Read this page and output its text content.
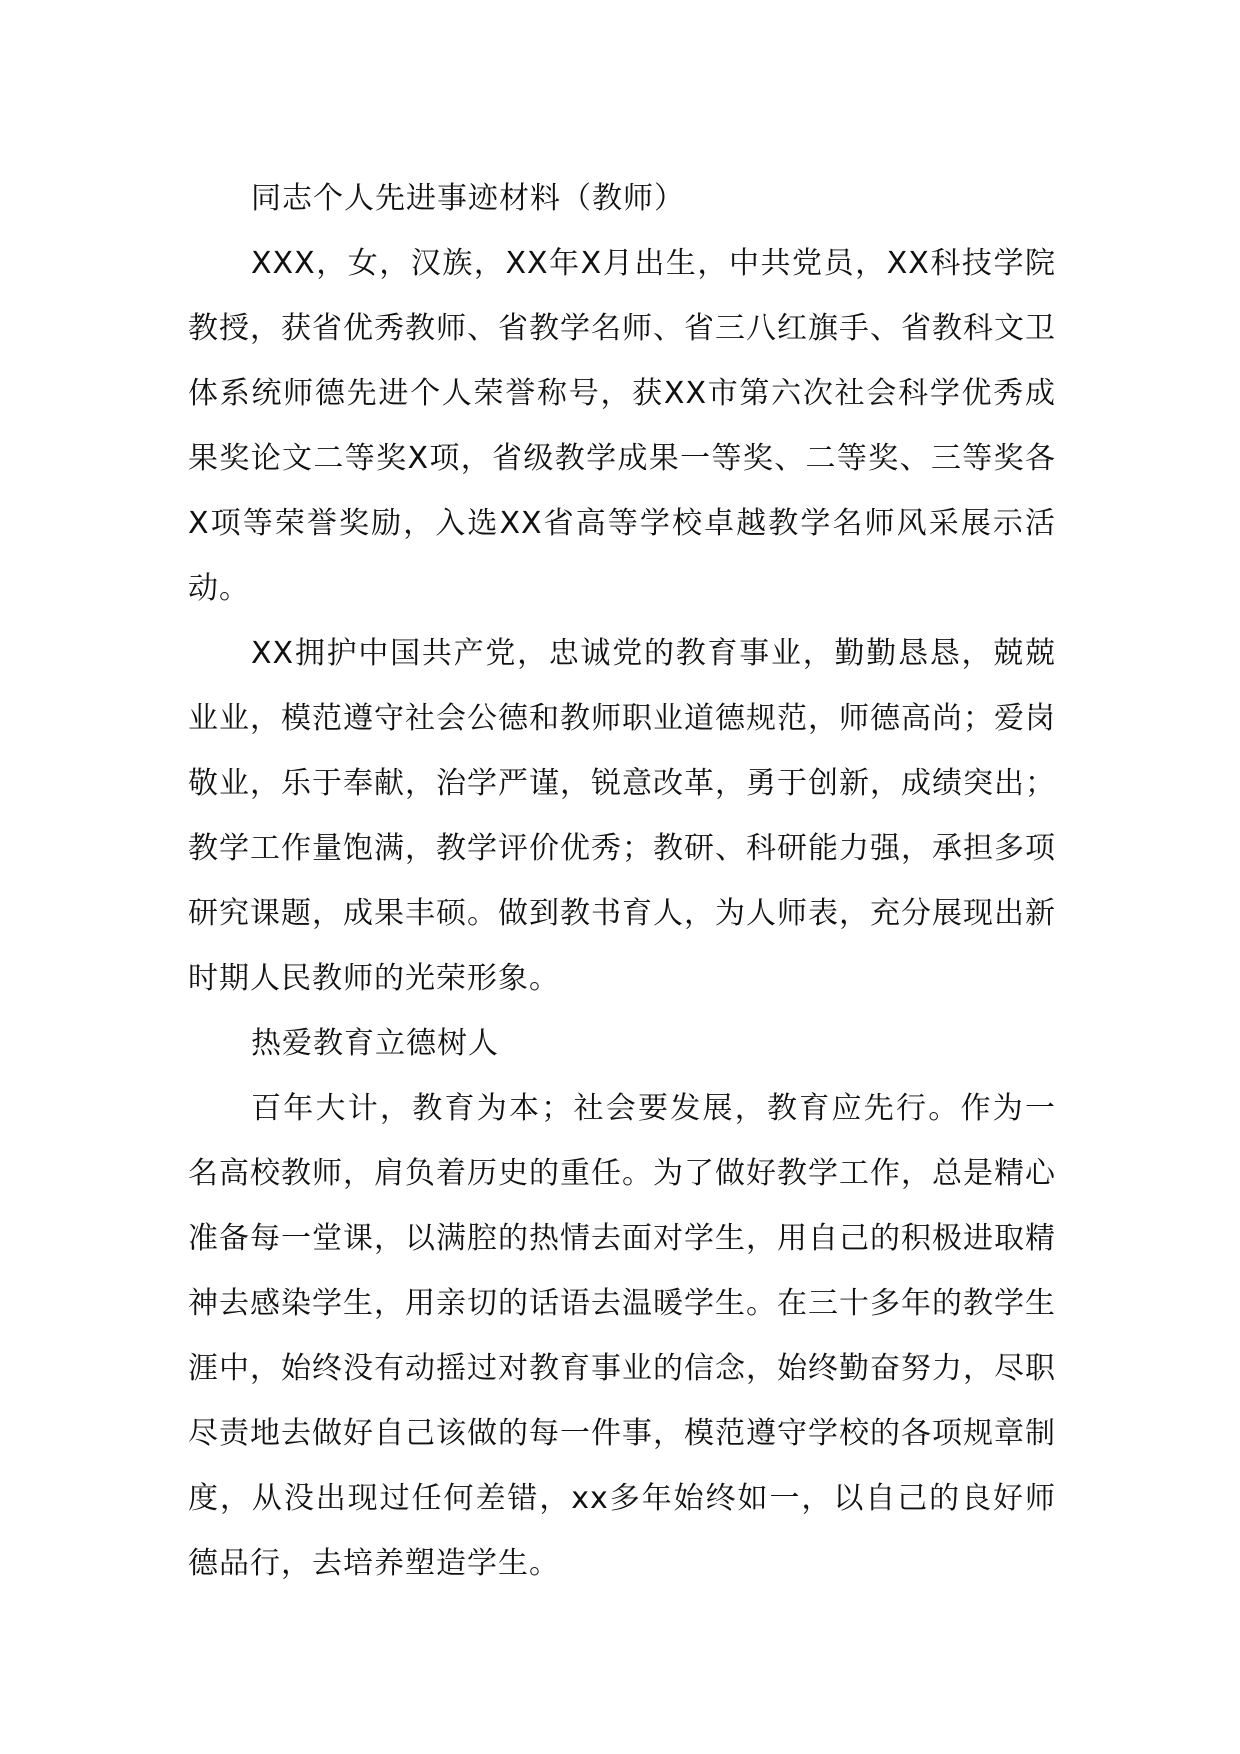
同志个人先进事迹材料（教师）

XXX，女，汉族，XX年X月出生，中共党员，XX科技学院教授，获省优秀教师、省教学名师、省三八红旗手、省教科文卫体系统师德先进个人荣誉称号，获XX市第六次社会科学优秀成果奖论文二等奖X项，省级教学成果一等奖、二等奖、三等奖各X项等荣誉奖励，入选XX省高等学校卓越教学名师风采展示活动。

XX拥护中国共产党，忠诚党的教育事业，勤勤恳恳，兢兢业业，模范遵守社会公德和教师职业道德规范，师德高尚；爱岗敬业，乐于奉献，治学严谨，锐意改革，勇于创新，成绩突出；教学工作量饱满，教学评价优秀；教研、科研能力强，承担多项研究课题，成果丰硕。做到教书育人，为人师表，充分展现出新时期人民教师的光荣形象。

热爱教育立德树人

百年大计，教育为本；社会要发展，教育应先行。作为一名高校教师，肩负着历史的重任。为了做好教学工作，总是精心准备每一堂课，以满腔的热情去面对学生，用自己的积极进取精神去感染学生，用亲切的话语去温暖学生。在三十多年的教学生涯中，始终没有动摇过对教育事业的信念，始终勤奋努力，尽职尽责地去做好自己该做的每一件事，模范遵守学校的各项规章制度，从没出现过任何差错，xx多年始终如一，以自己的良好师德品行，去培养塑造学生。
